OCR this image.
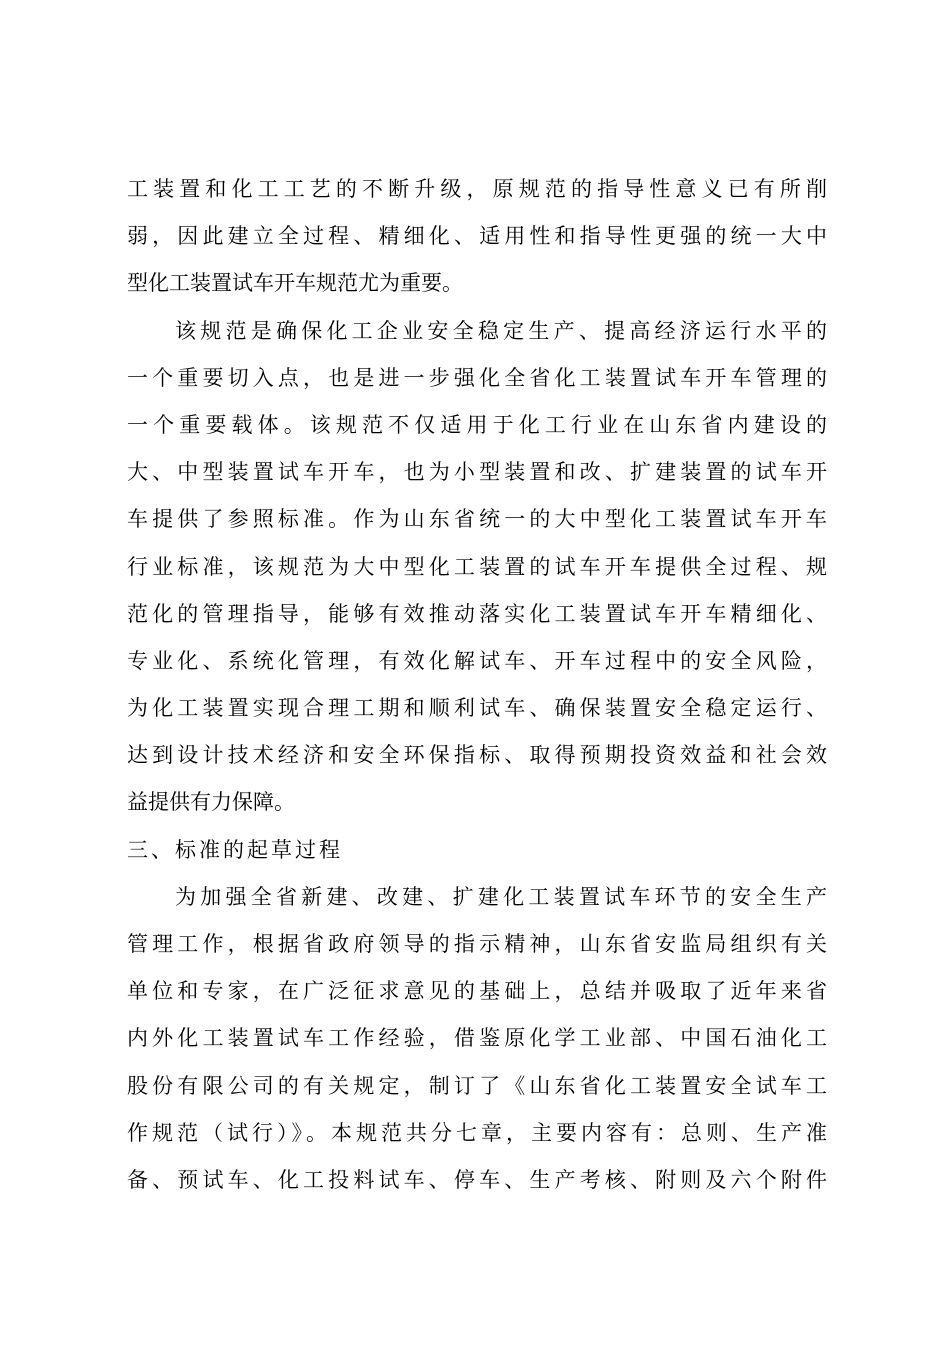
工装置和化工工艺的不断升级，原规范的指导性意义已有所削
弱，因此建立全过程、精细化、适用性和指导性更强的统一大中
型化工装置试车开车规范尤为重要。
该规范是确保化工企业安全稳定生产、提高经济运行水平的
一个重要切入点，也是进一步强化全省化工装置试车开车管理的
一个重要载体。该规范不仅适用于化工行业在山东省内建设的
大、中型装置试车开车，也为小型装置和改、扩建装置的试车开
车提供了参照标准。作为山东省统一的大中型化工装置试车开车
行业标准，该规范为大中型化工装置的试车开车提供全过程、规
范化的管理指导，能够有效推动落实化工装置试车开车精细化、
专业化、系统化管理，有效化解试车、开车过程中的安全风险，
为化工装置实现合理工期和顺利试车、确保装置安全稳定运行、
达到设计技术经济和安全环保指标、取得预期投资效益和社会效
益提供有力保障。
三、标准的起草过程
为加强全省新建、改建、扩建化工装置试车环节的安全生产
管理工作，根据省政府领导的指示精神，山东省安监局组织有关
单位和专家，在广泛征求意见的基础上，总结并吸取了近年来省
内外化工装置试车工作经验，借鉴原化学工业部、中国石油化工
股份有限公司的有关规定，制订了《山东省化工装置安全试车工
作规范（试行）》。本规范共分七章，主要内容有：总则、生产准
备、预试车、化工投料试车、停车、生产考核、附则及六个附件
